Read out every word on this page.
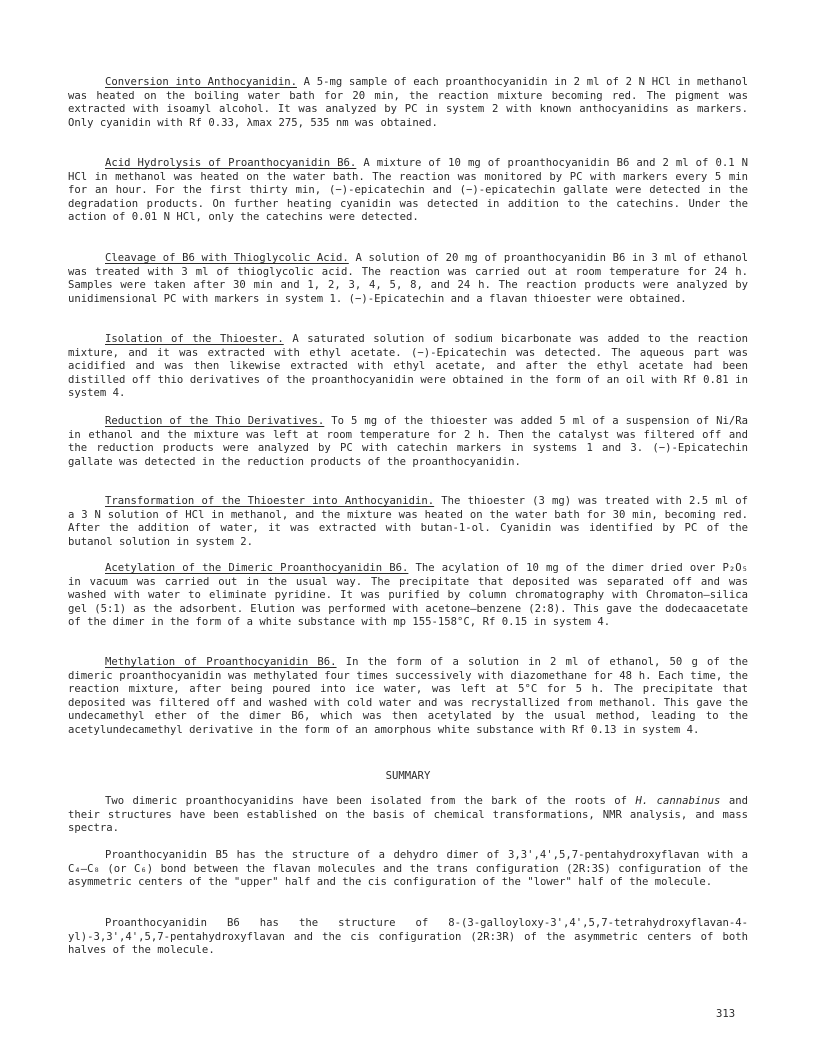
Conversion into Anthocyanidin. A 5-mg sample of each proanthocyanidin in 2 ml of 2 N HCl in methanol was heated on the boiling water bath for 20 min, the reaction mixture becoming red. The pigment was extracted with isoamyl alcohol. It was analyzed by PC in system 2 with known anthocyanidins as markers. Only cyanidin with Rf 0.33, λmax 275, 535 nm was obtained.

Acid Hydrolysis of Proanthocyanidin B6. A mixture of 10 mg of proanthocyanidin B6 and 2 ml of 0.1 N HCl in methanol was heated on the water bath. The reaction was monitored by PC with markers every 5 min for an hour. For the first thirty min, (−)-epicatechin and (−)-epicatechin gallate were detected in the degradation products. On further heating cyanidin was detected in addition to the catechins. Under the action of 0.01 N HCl, only the catechins were detected.

Cleavage of B6 with Thioglycolic Acid. A solution of 20 mg of proanthocyanidin B6 in 3 ml of ethanol was treated with 3 ml of thioglycolic acid. The reaction was carried out at room temperature for 24 h. Samples were taken after 30 min and 1, 2, 3, 4, 5, 8, and 24 h. The reaction products were analyzed by unidimensional PC with markers in system 1. (−)-Epicatechin and a flavan thioester were obtained.

Isolation of the Thioester. A saturated solution of sodium bicarbonate was added to the reaction mixture, and it was extracted with ethyl acetate. (−)-Epicatechin was detected. The aqueous part was acidified and was then likewise extracted with ethyl acetate, and after the ethyl acetate had been distilled off thio derivatives of the proanthocyanidin were obtained in the form of an oil with Rf 0.81 in system 4.

Reduction of the Thio Derivatives. To 5 mg of the thioester was added 5 ml of a suspension of Ni/Ra in ethanol and the mixture was left at room temperature for 2 h. Then the catalyst was filtered off and the reduction products were analyzed by PC with catechin markers in systems 1 and 3. (−)-Epicatechin gallate was detected in the reduction products of the proanthocyanidin.

Transformation of the Thioester into Anthocyanidin. The thioester (3 mg) was treated with 2.5 ml of a 3 N solution of HCl in methanol, and the mixture was heated on the water bath for 30 min, becoming red. After the addition of water, it was extracted with butan-1-ol. Cyanidin was identified by PC of the butanol solution in system 2.

Acetylation of the Dimeric Proanthocyanidin B6. The acylation of 10 mg of the dimer dried over P₂O₅ in vacuum was carried out in the usual way. The precipitate that deposited was separated off and was washed with water to eliminate pyridine. It was purified by column chromatography with Chromaton–silica gel (5:1) as the adsorbent. Elution was performed with acetone–benzene (2:8). This gave the dodecaacetate of the dimer in the form of a white substance with mp 155-158°C, Rf 0.15 in system 4.

Methylation of Proanthocyanidin B6. In the form of a solution in 2 ml of ethanol, 50 g of the dimeric proanthocyanidin was methylated four times successively with diazomethane for 48 h. Each time, the reaction mixture, after being poured into ice water, was left at 5°C for 5 h. The precipitate that deposited was filtered off and washed with cold water and was recrystallized from methanol. This gave the undecamethyl ether of the dimer B6, which was then acetylated by the usual method, leading to the acetylundecamethyl derivative in the form of an amorphous white substance with Rf 0.13 in system 4.

SUMMARY

Two dimeric proanthocyanidins have been isolated from the bark of the roots of H. cannabinus and their structures have been established on the basis of chemical transformations, NMR analysis, and mass spectra.

Proanthocyanidin B5 has the structure of a dehydro dimer of 3,3',4',5,7-pentahydroxyflavan with a C₄–C₈ (or C₆) bond between the flavan molecules and the trans configuration (2R:3S) configuration of the asymmetric centers of the "upper" half and the cis configuration of the "lower" half of the molecule.

Proanthocyanidin B6 has the structure of 8-(3-galloyloxy-3',4',5,7-tetrahydroxyflavan-4-yl)-3,3',4',5,7-pentahydroxyflavan and the cis configuration (2R:3R) of the asymmetric centers of both halves of the molecule.

313
